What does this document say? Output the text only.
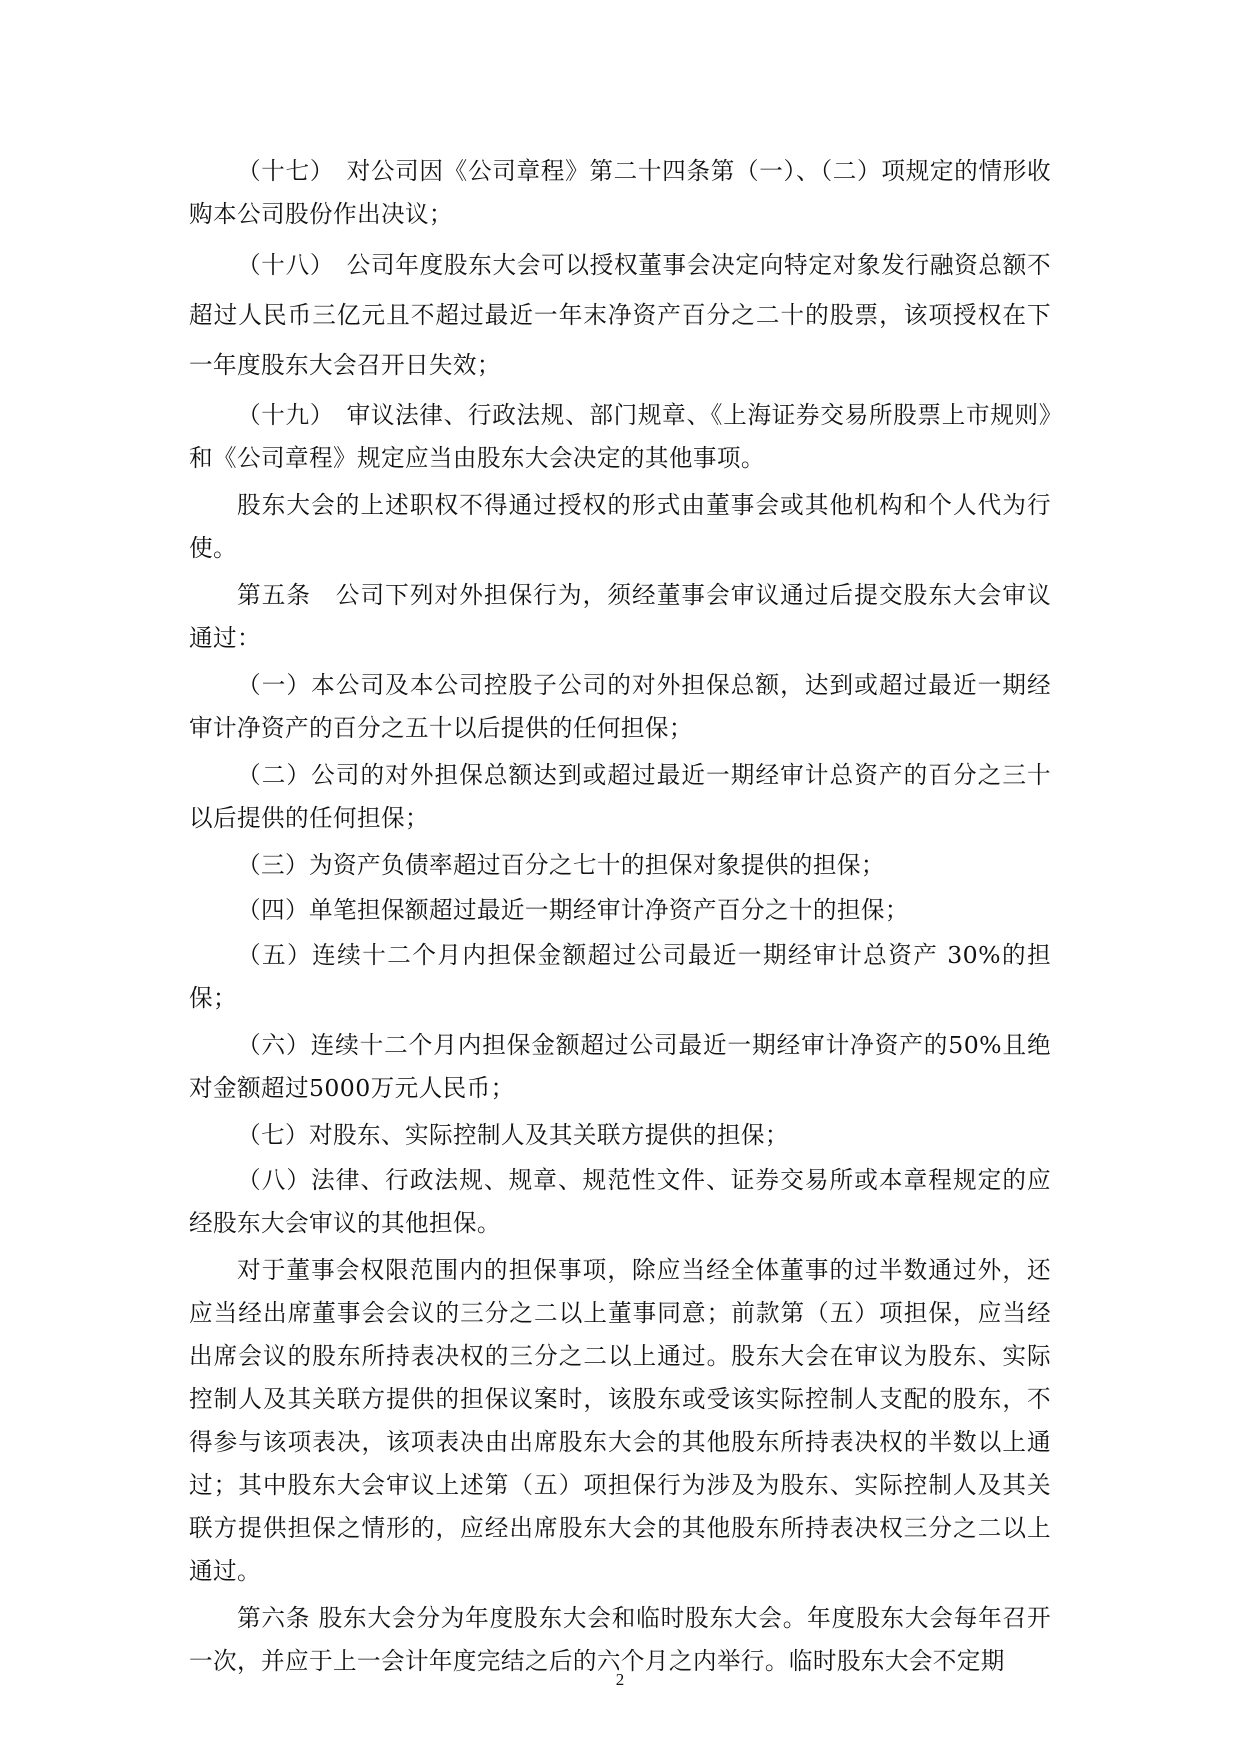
（十七）　对公司因《公司章程》第二十四条第（一）、（二）项规定的情形收购本公司股份作出决议；

（十八）　公司年度股东大会可以授权董事会决定向特定对象发行融资总额不超过人民币三亿元且不超过最近一年末净资产百分之二十的股票，该项授权在下一年度股东大会召开日失效；

（十九）　审议法律、行政法规、部门规章、《上海证券交易所股票上市规则》和《公司章程》规定应当由股东大会决定的其他事项。

股东大会的上述职权不得通过授权的形式由董事会或其他机构和个人代为行使。

第五条　公司下列对外担保行为，须经董事会审议通过后提交股东大会审议通过：

（一）本公司及本公司控股子公司的对外担保总额，达到或超过最近一期经审计净资产的百分之五十以后提供的任何担保；

（二）公司的对外担保总额达到或超过最近一期经审计总资产的百分之三十以后提供的任何担保；

（三）为资产负债率超过百分之七十的担保对象提供的担保；

（四）单笔担保额超过最近一期经审计净资产百分之十的担保；

（五）连续十二个月内担保金额超过公司最近一期经审计总资产 30%的担保；

（六）连续十二个月内担保金额超过公司最近一期经审计净资产的50%且绝对金额超过5000万元人民币；

（七）对股东、实际控制人及其关联方提供的担保；

（八）法律、行政法规、规章、规范性文件、证券交易所或本章程规定的应经股东大会审议的其他担保。

对于董事会权限范围内的担保事项，除应当经全体董事的过半数通过外，还应当经出席董事会会议的三分之二以上董事同意；前款第（五）项担保，应当经出席会议的股东所持表决权的三分之二以上通过。股东大会在审议为股东、实际控制人及其关联方提供的担保议案时，该股东或受该实际控制人支配的股东，不得参与该项表决，该项表决由出席股东大会的其他股东所持表决权的半数以上通过；其中股东大会审议上述第（五）项担保行为涉及为股东、实际控制人及其关联方提供担保之情形的，应经出席股东大会的其他股东所持表决权三分之二以上通过。

第六条 股东大会分为年度股东大会和临时股东大会。年度股东大会每年召开一次，并应于上一会计年度完结之后的六个月之内举行。临时股东大会不定期

2
